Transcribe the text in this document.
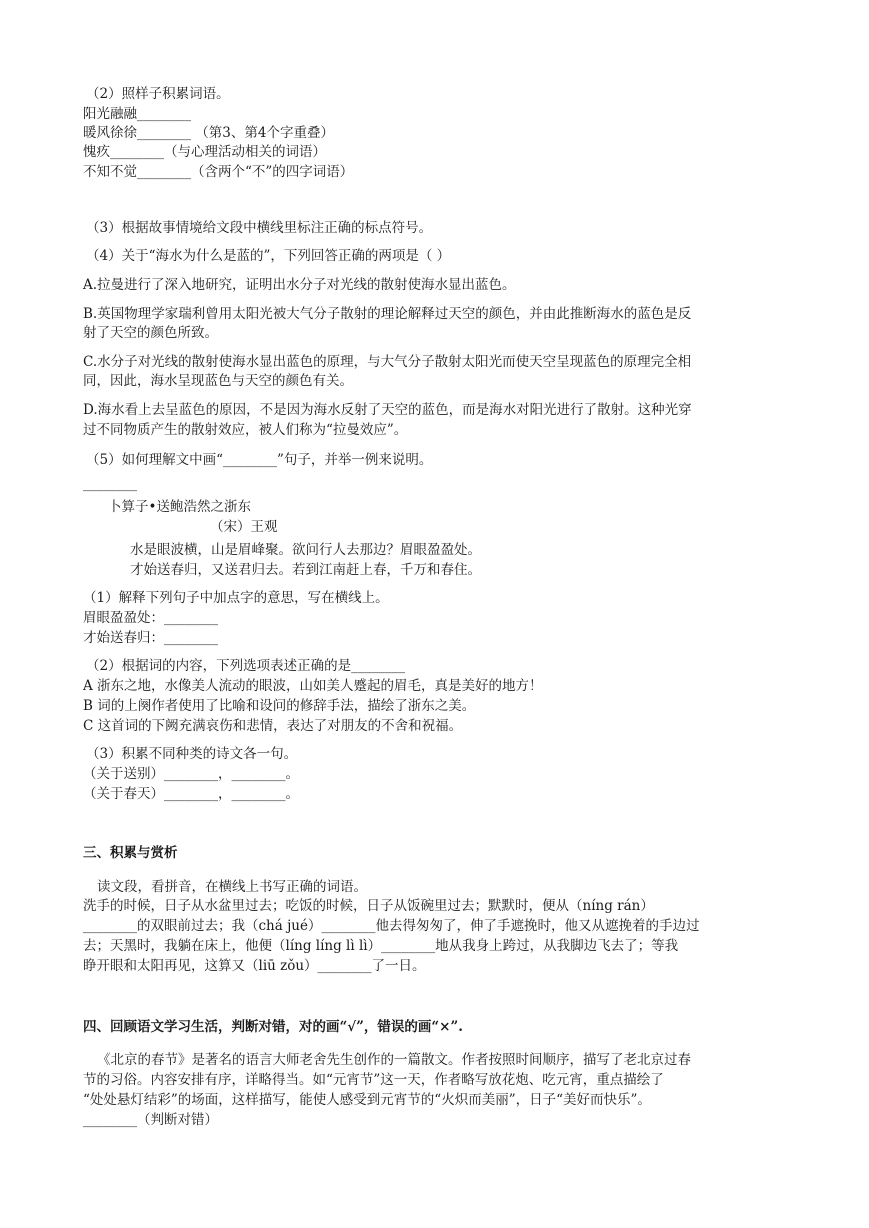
（2）照样子积累词语。
阳光融融________
暖风徐徐________ （第3、第4个字重叠）
愧疚________（与心理活动相关的词语）
不知不觉________（含两个“不”的四字词语）
（3）根据故事情境给文段中横线里标注正确的标点符号。
（4）关于“海水为什么是蓝的”，下列回答正确的两项是（ ）
A.拉曼进行了深入地研究，证明出水分子对光线的散射使海水显出蓝色。
B.英国物理学家瑞利曾用太阳光被大气分子散射的理论解释过天空的颜色，并由此推断海水的蓝色是反
射了天空的颜色所致。
C.水分子对光线的散射使海水显出蓝色的原理，与大气分子散射太阳光而使天空呈现蓝色的原理完全相
同，因此，海水呈现蓝色与天空的颜色有关。
D.海水看上去呈蓝色的原因，不是因为海水反射了天空的蓝色，而是海水对阳光进行了散射。这种光穿
过不同物质产生的散射效应，被人们称为“拉曼效应”。
（5）如何理解文中画“________”句子，并举一例来说明。
________
卜算子•送鲍浩然之浙东
（宋）王观
水是眼波横，山是眉峰聚。欲问行人去那边？眉眼盈盈处。
才始送春归，又送君归去。若到江南赶上春，千万和春住。
（1）解释下列句子中加点字的意思，写在横线上。
眉眼盈盈处：________
才始送春归：________
（2）根据词的内容，下列选项表述正确的是________
A 浙东之地，水像美人流动的眼波，山如美人蹙起的眉毛，真是美好的地方！
B 词的上阕作者使用了比喻和设问的修辞手法，描绘了浙东之美。
C 这首词的下阙充满哀伤和悲情，表达了对朋友的不舍和祝福。
（3）积累不同种类的诗文各一句。
（关于送别）________，________。
（关于春天）________，________。
三、积累与赏析
读文段，看拼音，在横线上书写正确的词语。
洗手的时候，日子从水盆里过去；吃饭的时候，日子从饭碗里过去；默默时，便从（níng rán）
________的双眼前过去；我（chá jué）________他去得匆匆了，伸了手遮挽时，他又从遮挽着的手边过
去；天黑时，我躺在床上，他便（líng líng lì lì）________地从我身上跨过，从我脚边飞去了；等我
睁开眼和太阳再见，这算又（liū zǒu）________了一日。
四、回顾语文学习生活，判断对错，对的画“√”，错误的画“×”.
《北京的春节》是著名的语言大师老舍先生创作的一篇散文。作者按照时间顺序，描写了老北京过春
节的习俗。内容安排有序，详略得当。如“元宵节”这一天，作者略写放花炮、吃元宵，重点描绘了
“处处悬灯结彩”的场面，这样描写，能使人感受到元宵节的“火炽而美丽”，日子“美好而快乐”。
________（判断对错）
